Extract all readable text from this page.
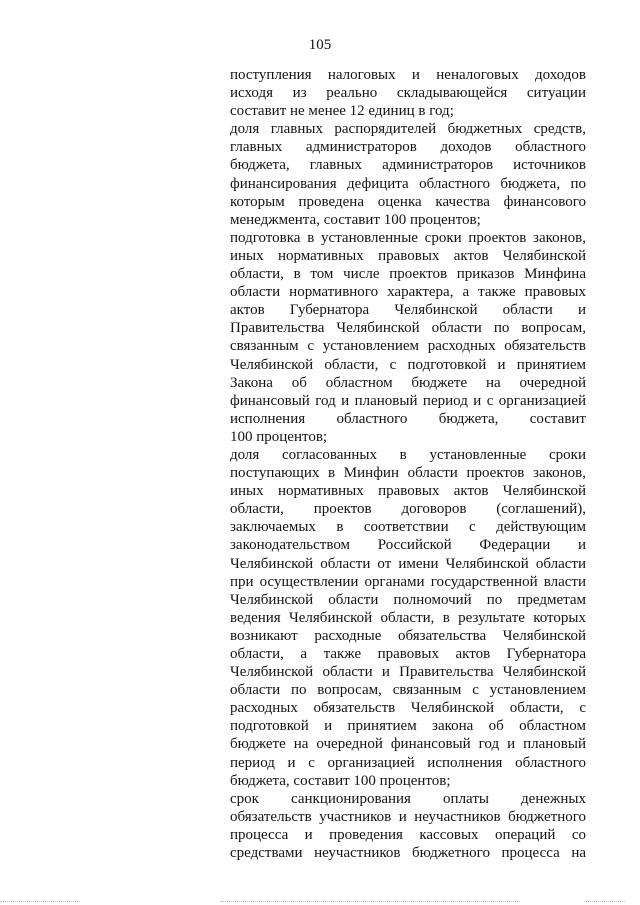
105
поступления налоговых и неналоговых доходов
исходя из реально складывающейся ситуации
составит не менее 12 единиц в год;
доля главных распорядителей бюджетных средств,
главных администраторов доходов областного
бюджета, главных администраторов источников
финансирования дефицита областного бюджета, по
которым проведена оценка качества финансового
менеджмента, составит 100 процентов;
подготовка в установленные сроки проектов законов,
иных нормативных правовых актов Челябинской
области, в том числе проектов приказов Минфина
области нормативного характера, а также правовых
актов Губернатора Челябинской области и
Правительства Челябинской области по вопросам,
связанным с установлением расходных обязательств
Челябинской области, с подготовкой и принятием
Закона об областном бюджете на очередной
финансовый год и плановый период и с организацией
исполнения областного бюджета, составит
100 процентов;
доля согласованных в установленные сроки
поступающих в Минфин области проектов законов,
иных нормативных правовых актов Челябинской
области, проектов договоров (соглашений),
заключаемых в соответствии с действующим
законодательством Российской Федерации и
Челябинской области от имени Челябинской области
при осуществлении органами государственной власти
Челябинской области полномочий по предметам
ведения Челябинской области, в результате которых
возникают расходные обязательства Челябинской
области, а также правовых актов Губернатора
Челябинской области и Правительства Челябинской
области по вопросам, связанным с установлением
расходных обязательств Челябинской области, с
подготовкой и принятием закона об областном
бюджете на очередной финансовый год и плановый
период и с организацией исполнения областного
бюджета, составит 100 процентов;
срок санкционирования оплаты денежных
обязательств участников и неучастников бюджетного
процесса и проведения кассовых операций со
средствами неучастников бюджетного процесса на
